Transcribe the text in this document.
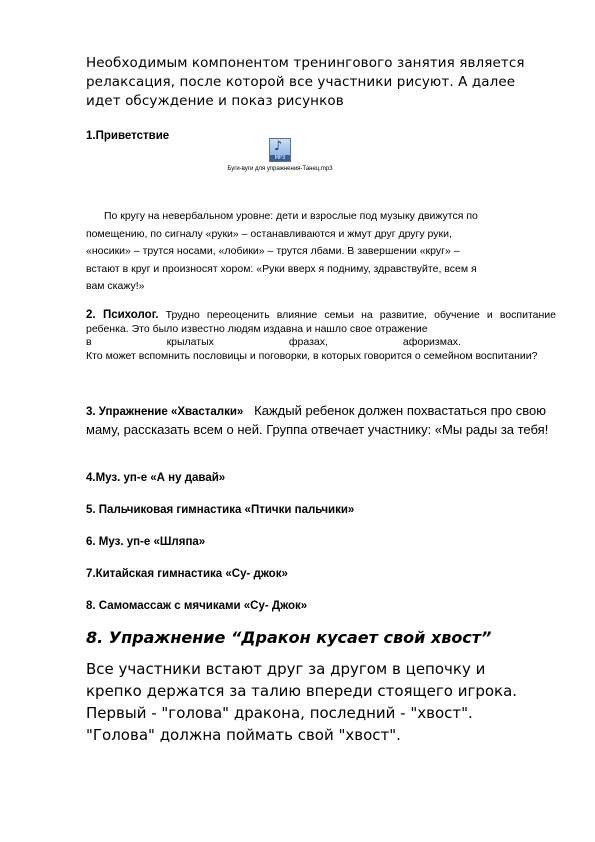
Необходимым компонентом тренингового занятия является
релаксация, после которой все участники рисуют. А далее
идет обсуждение и показ рисунков
1.Приветствие
♪
MP3
Буги-вуги для упражнения-Танец.mp3
По кругу на невербальном уровне: дети и взрослые под музыку движутся по
помещению, по сигналу «руки» – останавливаются и жмут друг другу руки,
«носики» – трутся носами, «лобики» – трутся лбами. В завершении «круг» –
встают в круг и произносят хором: «Руки вверх я подниму, здравствуйте, всем я
вам скажу!»
2. Психолог. Трудно переоценить влияние семьи на развитие, обучение и воспитание ребенка. Это было известно людям издавна и нашло свое отражение
в	крылатых	фразах,	афоризмах.
Кто может вспомнить пословицы и поговорки, в которых говорится о семейном воспитании?
3. Упражнение «Хвасталки» Каждый ребенок должен похвастаться про свою маму, рассказать всем о ней. Группа отвечает участнику: «Мы рады за тебя!
4.Муз. уп-е «А ну давай»
5. Пальчиковая гимнастика «Птички пальчики»
6. Муз. уп-е «Шляпа»
7.Китайская гимнастика «Су- джок»
8. Самомассаж с мячиками «Су- Джок»
8. Упражнение “Дракон кусает свой хвост”
Все участники встают друг за другом в цепочку и
крепко держатся за талию впереди стоящего игрока.
Первый - "голова" дракона, последний - "хвост".
"Голова" должна поймать свой "хвост".
